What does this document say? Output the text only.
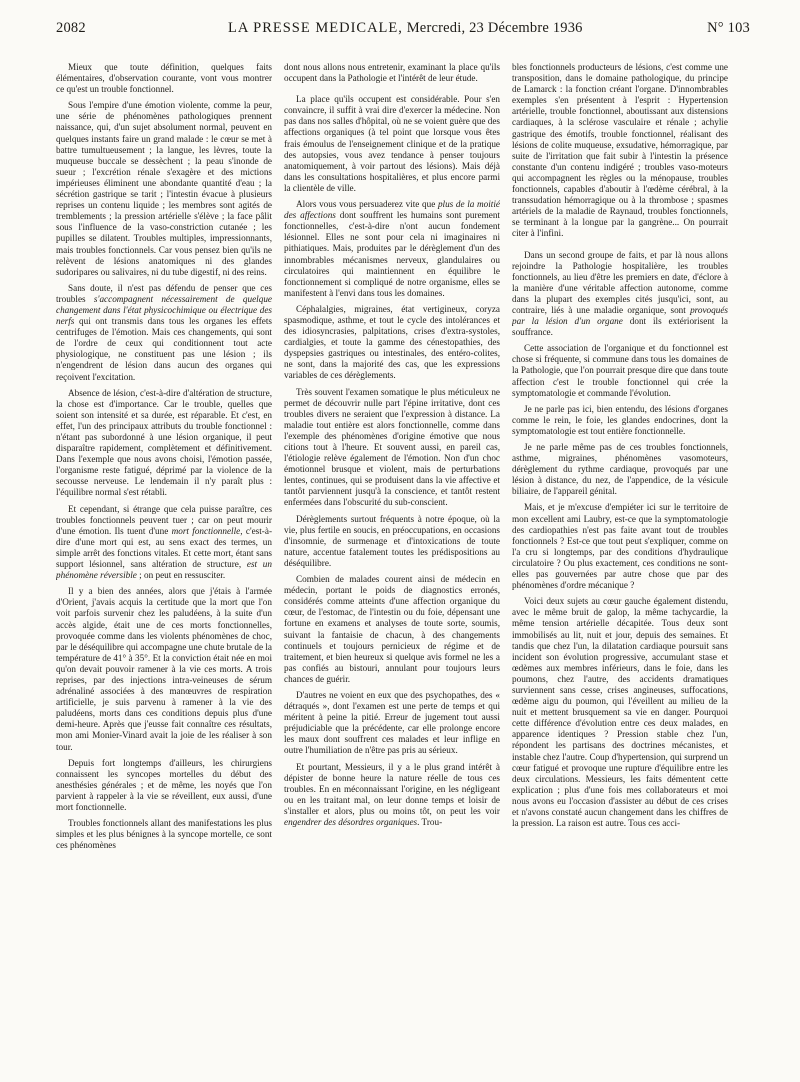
2082	LA PRESSE MEDICALE, Mercredi, 23 Décembre 1936	N° 103

Mieux que toute définition, quelques faits élémentaires, d'observation courante, vont vous montrer ce qu'est un trouble fonctionnel.

Sous l'empire d'une émotion violente, comme la peur, une série de phénomènes pathologiques prennent naissance, qui, d'un sujet absolument normal, peuvent en quelques instants faire un grand malade : le cœur se met à battre tumultueusement ; la langue, les lèvres, toute la muqueuse buccale se dessèchent ; la peau s'inonde de sueur ; l'excrétion rénale s'exagère et des mictions impérieuses éliminent une abondante quantité d'eau ; la sécrétion gastrique se tarit ; l'intestin évacue à plusieurs reprises un contenu liquide ; les membres sont agités de tremblements ; la pression artérielle s'élève ; la face pâlit sous l'influence de la vaso-constriction cutanée ; les pupilles se dilatent. Troubles multiples, impressionnants, mais troubles fonctionnels. Car vous pensez bien qu'ils ne relèvent de lésions anatomiques ni des glandes sudoripares ou salivaires, ni du tube digestif, ni des reins.

Sans doute, il n'est pas défendu de penser que ces troubles s'accompagnent nécessairement de quelque changement dans l'état physicochimique ou électrique des nerfs qui ont transmis dans tous les organes les effets centrifuges de l'émotion. Mais ces changements, qui sont de l'ordre de ceux qui conditionnent tout acte physiologique, ne constituent pas une lésion ; ils n'engendrent de lésion dans aucun des organes qui reçoivent l'excitation.

Absence de lésion, c'est-à-dire d'altération de structure, la chose est d'importance. Car le trouble, quelles que soient son intensité et sa durée, est réparable. Et c'est, en effet, l'un des principaux attributs du trouble fonctionnel : n'étant pas subordonné à une lésion organique, il peut disparaître rapidement, complètement et définitivement. Dans l'exemple que nous avons choisi, l'émotion passée, l'organisme reste fatigué, déprimé par la violence de la secousse nerveuse. Le lendemain il n'y paraît plus : l'équilibre normal s'est rétabli.

Et cependant, si étrange que cela puisse paraître, ces troubles fonctionnels peuvent tuer ; car on peut mourir d'une émotion. Ils tuent d'une mort fonctionnelle, c'est-à-dire d'une mort qui est, au sens exact des termes, un simple arrêt des fonctions vitales. Et cette mort, étant sans support lésionnel, sans altération de structure, est un phénomène réversible ; on peut en ressusciter.

Il y a bien des années, alors que j'étais à l'armée d'Orient, j'avais acquis la certitude que la mort que l'on voit parfois survenir chez les paludéens, à la suite d'un accès algide, était une de ces morts fonctionnelles, provoquée comme dans les violents phénomènes de choc, par le déséquilibre qui accompagne une chute brutale de la température de 41° à 35°. Et la conviction était née en moi qu'on devait pouvoir ramener à la vie ces morts. A trois reprises, par des injections intra-veineuses de sérum adrénaliné associées à des manœuvres de respiration artificielle, je suis parvenu à ramener à la vie des paludéens, morts dans ces conditions depuis plus d'une demi-heure. Après que j'eusse fait connaître ces résultats, mon ami Monier-Vinard avait la joie de les réaliser à son tour.

Depuis fort longtemps d'ailleurs, les chirurgiens connaissent les syncopes mortelles du début des anesthésies générales ; et de même, les noyés que l'on parvient à rappeler à la vie se réveillent, eux aussi, d'une mort fonctionnelle.

Troubles fonctionnels allant des manifestations les plus simples et les plus bénignes à la syncope mortelle, ce sont ces phénomènes

dont nous allons nous entretenir, examinant la place qu'ils occupent dans la Pathologie et l'intérêt de leur étude.

La place qu'ils occupent est considérable. Pour s'en convaincre, il suffit à vrai dire d'exercer la médecine. Non pas dans nos salles d'hôpital, où ne se voient guère que des affections organiques (à tel point que lorsque vous êtes frais émoulus de l'enseignement clinique et de la pratique des autopsies, vous avez tendance à penser toujours anatomiquement, à voir partout des lésions). Mais déjà dans les consultations hospitalières, et plus encore parmi la clientèle de ville.

Alors vous vous persuaderez vite que plus de la moitié des affections dont souffrent les humains sont purement fonctionnelles, c'est-à-dire n'ont aucun fondement lésionnel. Elles ne sont pour cela ni imaginaires ni pithiatiques. Mais, produites par le dérèglement d'un des innombrables mécanismes nerveux, glandulaires ou circulatoires qui maintiennent en équilibre le fonctionnement si compliqué de notre organisme, elles se manifestent à l'envi dans tous les domaines.

Céphalalgies, migraines, état vertigineux, coryza spasmodique, asthme, et tout le cycle des intolérances et des idiosyncrasies, palpitations, crises d'extra-systoles, cardialgies, et toute la gamme des cénestopathies, des dyspepsies gastriques ou intestinales, des entéro-colites, ne sont, dans la majorité des cas, que les expressions variables de ces dérèglements.

Très souvent l'examen somatique le plus méticuleux ne permet de découvrir nulle part l'épine irritative, dont ces troubles divers ne seraient que l'expression à distance. La maladie tout entière est alors fonctionnelle, comme dans l'exemple des phénomènes d'origine émotive que nous citions tout à l'heure. Et souvent aussi, en pareil cas, l'étiologie relève également de l'émotion. Non d'un choc émotionnel brusque et violent, mais de perturbations lentes, continues, qui se produisent dans la vie affective et tantôt parviennent jusqu'à la conscience, et tantôt restent enfermées dans l'obscurité du sub-conscient.

Dérèglements surtout fréquents à notre époque, où la vie, plus fertile en soucis, en préoccupations, en occasions d'insomnie, de surmenage et d'intoxications de toute nature, accentue fatalement toutes les prédispositions au déséquilibre.

Combien de malades courent ainsi de médecin en médecin, portant le poids de diagnostics erronés, considérés comme atteints d'une affection organique du cœur, de l'estomac, de l'intestin ou du foie, dépensant une fortune en examens et analyses de toute sorte, soumis, suivant la fantaisie de chacun, à des changements continuels et toujours pernicieux de régime et de traitement, et bien heureux si quelque avis formel ne les a pas confiés au bistouri, annulant pour toujours leurs chances de guérir.

D'autres ne voient en eux que des psychopathes, des « détraqués », dont l'examen est une perte de temps et qui méritent à peine la pitié. Erreur de jugement tout aussi préjudiciable que la précédente, car elle prolonge encore les maux dont souffrent ces malades et leur inflige en outre l'humiliation de n'être pas pris au sérieux.

Et pourtant, Messieurs, il y a le plus grand intérêt à dépister de bonne heure la nature réelle de tous ces troubles. En en méconnaissant l'origine, en les négligeant ou en les traitant mal, on leur donne temps et loisir de s'installer et alors, plus ou moins tôt, on peut les voir engendrer des désordres organiques. Trou-

bles fonctionnels producteurs de lésions, c'est comme une transposition, dans le domaine pathologique, du principe de Lamarck : la fonction créant l'organe. D'innombrables exemples s'en présentent à l'esprit : Hypertension artérielle, trouble fonctionnel, aboutissant aux distensions cardiaques, à la sclérose vasculaire et rénale ; achylie gastrique des émotifs, trouble fonctionnel, réalisant des lésions de colite muqueuse, exsudative, hémorragique, par suite de l'irritation que fait subir à l'intestin la présence constante d'un contenu indigéré ; troubles vaso-moteurs qui accompagnent les règles ou la ménopause, troubles fonctionnels, capables d'aboutir à l'œdème cérébral, à la transsudation hémorragique ou à la thrombose ; spasmes artériels de la maladie de Raynaud, troubles fonctionnels, se terminant à la longue par la gangrène... On pourrait citer à l'infini.

Dans un second groupe de faits, et par là nous allons rejoindre la Pathologie hospitalière, les troubles fonctionnels, au lieu d'être les premiers en date, d'éclore à la manière d'une véritable affection autonome, comme dans la plupart des exemples cités jusqu'ici, sont, au contraire, liés à une maladie organique, sont provoqués par la lésion d'un organe dont ils extériorisent la souffrance.

Cette association de l'organique et du fonctionnel est chose si fréquente, si commune dans tous les domaines de la Pathologie, que l'on pourrait presque dire que dans toute affection c'est le trouble fonctionnel qui crée la symptomatologie et commande l'évolution.

Je ne parle pas ici, bien entendu, des lésions d'organes comme le rein, le foie, les glandes endocrines, dont la symptomatologie est tout entière fonctionnelle.

Je ne parle même pas de ces troubles fonctionnels, asthme, migraines, phénomènes vasomoteurs, dérèglement du rythme cardiaque, provoqués par une lésion à distance, du nez, de l'appendice, de la vésicule biliaire, de l'appareil génital.

Mais, et je m'excuse d'empiéter ici sur le territoire de mon excellent ami Laubry, est-ce que la symptomatologie des cardiopathies n'est pas faite avant tout de troubles fonctionnels ? Est-ce que tout peut s'expliquer, comme on l'a cru si longtemps, par des conditions d'hydraulique circulatoire ? Ou plus exactement, ces conditions ne sont-elles pas gouvernées par autre chose que par des phénomènes d'ordre mécanique ?

Voici deux sujets au cœur gauche également distendu, avec le même bruit de galop, la même tachycardie, la même tension artérielle décapitée. Tous deux sont immobilisés au lit, nuit et jour, depuis des semaines. Et tandis que chez l'un, la dilatation cardiaque poursuit sans incident son évolution progressive, accumulant stase et œdèmes aux membres inférieurs, dans le foie, dans les poumons, chez l'autre, des accidents dramatiques surviennent sans cesse, crises angineuses, suffocations, œdème aigu du poumon, qui l'éveillent au milieu de la nuit et mettent brusquement sa vie en danger. Pourquoi cette différence d'évolution entre ces deux malades, en apparence identiques ? Pression stable chez l'un, répondent les partisans des doctrines mécanistes, et instable chez l'autre. Coup d'hypertension, qui surprend un cœur fatigué et provoque une rupture d'équilibre entre les deux circulations. Messieurs, les faits démentent cette explication ; plus d'une fois mes collaborateurs et moi nous avons eu l'occasion d'assister au début de ces crises et n'avons constaté aucun changement dans les chiffres de la pression. La raison est autre. Tous ces acci-
